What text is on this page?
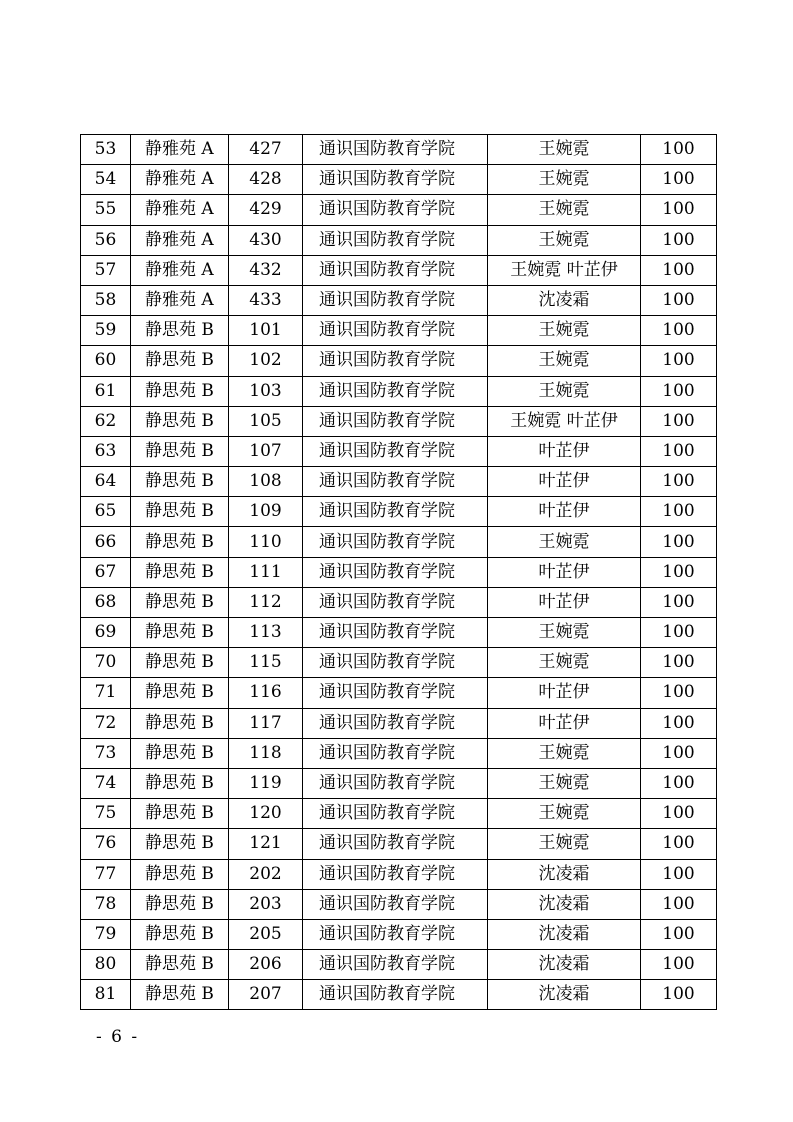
53	静雅苑 A	427	通识国防教育学院	王婉霓	100
54	静雅苑 A	428	通识国防教育学院	王婉霓	100
55	静雅苑 A	429	通识国防教育学院	王婉霓	100
56	静雅苑 A	430	通识国防教育学院	王婉霓	100
57	静雅苑 A	432	通识国防教育学院	王婉霓 叶芷伊	100
58	静雅苑 A	433	通识国防教育学院	沈凌霜	100
59	静思苑 B	101	通识国防教育学院	王婉霓	100
60	静思苑 B	102	通识国防教育学院	王婉霓	100
61	静思苑 B	103	通识国防教育学院	王婉霓	100
62	静思苑 B	105	通识国防教育学院	王婉霓 叶芷伊	100
63	静思苑 B	107	通识国防教育学院	叶芷伊	100
64	静思苑 B	108	通识国防教育学院	叶芷伊	100
65	静思苑 B	109	通识国防教育学院	叶芷伊	100
66	静思苑 B	110	通识国防教育学院	王婉霓	100
67	静思苑 B	111	通识国防教育学院	叶芷伊	100
68	静思苑 B	112	通识国防教育学院	叶芷伊	100
69	静思苑 B	113	通识国防教育学院	王婉霓	100
70	静思苑 B	115	通识国防教育学院	王婉霓	100
71	静思苑 B	116	通识国防教育学院	叶芷伊	100
72	静思苑 B	117	通识国防教育学院	叶芷伊	100
73	静思苑 B	118	通识国防教育学院	王婉霓	100
74	静思苑 B	119	通识国防教育学院	王婉霓	100
75	静思苑 B	120	通识国防教育学院	王婉霓	100
76	静思苑 B	121	通识国防教育学院	王婉霓	100
77	静思苑 B	202	通识国防教育学院	沈凌霜	100
78	静思苑 B	203	通识国防教育学院	沈凌霜	100
79	静思苑 B	205	通识国防教育学院	沈凌霜	100
80	静思苑 B	206	通识国防教育学院	沈凌霜	100
81	静思苑 B	207	通识国防教育学院	沈凌霜	100
- 6 -
